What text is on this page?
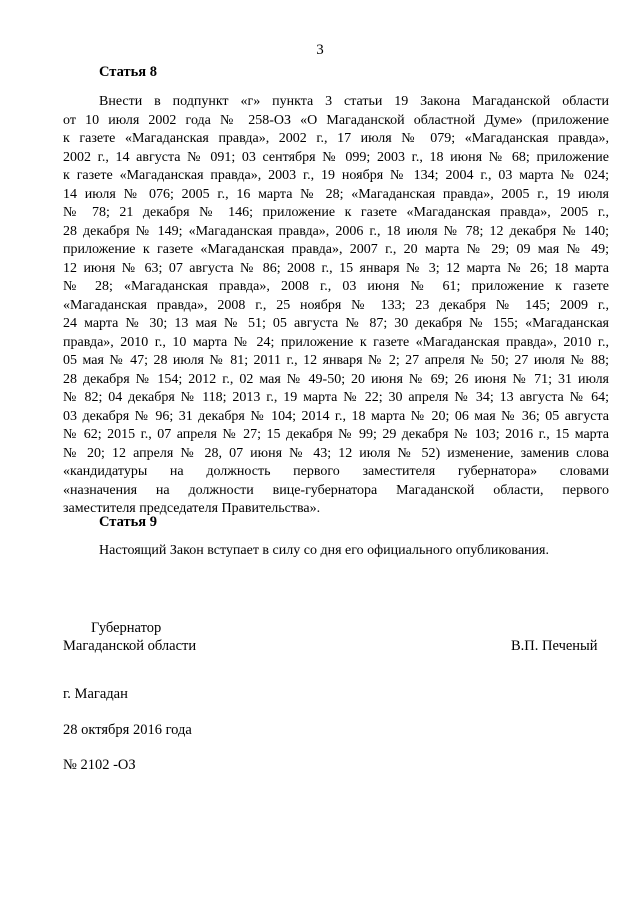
3
Статья 8
Внести в подпункт «г» пункта 3 статьи 19 Закона Магаданской области
от 10 июля 2002 года № 258-ОЗ «О Магаданской областной Думе» (приложение
к газете «Магаданская правда», 2002 г., 17 июля № 079; «Магаданская правда»,
2002 г., 14 августа № 091; 03 сентября № 099; 2003 г., 18 июня № 68; приложение
к газете «Магаданская правда», 2003 г., 19 ноября № 134; 2004 г., 03 марта № 024;
14 июля № 076; 2005 г., 16 марта № 28; «Магаданская правда», 2005 г., 19 июля
№ 78; 21 декабря № 146; приложение к газете «Магаданская правда», 2005 г.,
28 декабря № 149; «Магаданская правда», 2006 г., 18 июля № 78; 12 декабря № 140;
приложение к газете «Магаданская правда», 2007 г., 20 марта № 29; 09 мая № 49;
12 июня № 63; 07 августа № 86; 2008 г., 15 января № 3; 12 марта № 26; 18 марта
№ 28; «Магаданская правда», 2008 г., 03 июня № 61; приложение к газете
«Магаданская правда», 2008 г., 25 ноября № 133; 23 декабря № 145; 2009 г.,
24 марта № 30; 13 мая № 51; 05 августа № 87; 30 декабря № 155; «Магаданская
правда», 2010 г., 10 марта № 24; приложение к газете «Магаданская правда», 2010 г.,
05 мая № 47; 28 июля № 81; 2011 г., 12 января № 2; 27 апреля № 50; 27 июля № 88;
28 декабря № 154; 2012 г., 02 мая № 49-50; 20 июня № 69; 26 июня № 71; 31 июля
№ 82; 04 декабря № 118; 2013 г., 19 марта № 22; 30 апреля № 34; 13 августа № 64;
03 декабря № 96; 31 декабря № 104; 2014 г., 18 марта № 20; 06 мая № 36; 05 августа
№ 62; 2015 г., 07 апреля № 27; 15 декабря № 99; 29 декабря № 103; 2016 г., 15 марта
№ 20; 12 апреля № 28, 07 июня № 43; 12 июля № 52) изменение, заменив слова
«кандидатуры на должность первого заместителя губернатора» словами
«назначения на должности вице-губернатора Магаданской области, первого
заместителя председателя Правительства».
Статья 9
Настоящий Закон вступает в силу со дня его официального опубликования.
Губернатор
Магаданской области	В.П. Печеный
г. Магадан
28 октября 2016 года
№ 2102 -ОЗ
